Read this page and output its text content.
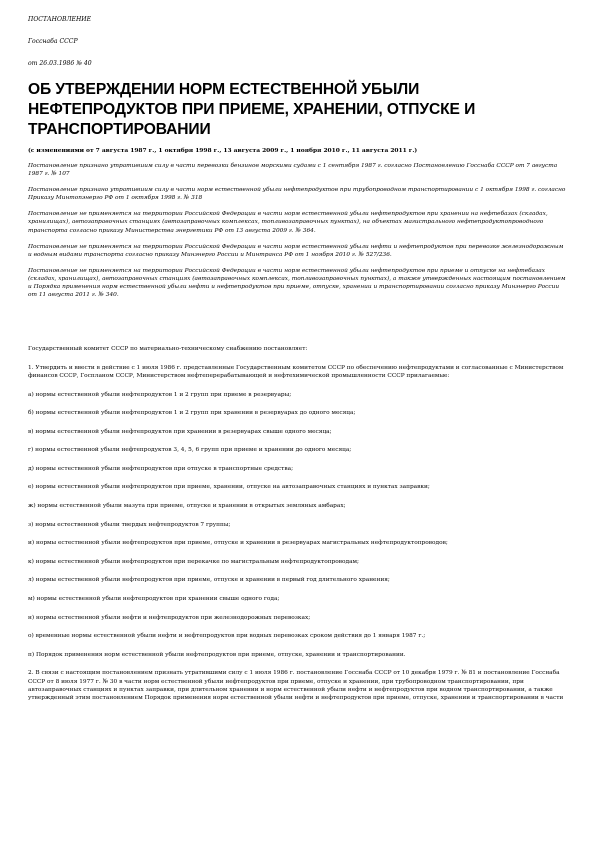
ПОСТАНОВЛЕНИЕ
Госснаба СССР
от 26.03.1986 № 40
ОБ УТВЕРЖДЕНИИ НОРМ ЕСТЕСТВЕННОЙ УБЫЛИ НЕФТЕПРОДУКТОВ ПРИ ПРИЕМЕ, ХРАНЕНИИ, ОТПУСКЕ И ТРАНСПОРТИРОВАНИИ
(с изменениями от 7 августа 1987 г., 1 октября 1998 г., 13 августа 2009 г., 1 ноября 2010 г., 11 августа 2011 г.)
Постановление признано утратившим силу в части перевозки бензинов морскими судами с 1 сентября 1987 г. согласно Постановлению Госснаба СССР от 7 августа 1987 г. № 107
Постановление признано утратившим силу в части норм естественной убыли нефтепродуктов при трубопроводном транспортировании с 1 октября 1998 г. согласно Приказу Минтопэнерго РФ от 1 октября 1998 г. № 318
Постановление не применяется на территории Российской Федерации в части норм естественной убыли нефтепродуктов при хранении на нефтебазах (складах, хранилищах), автозаправочных станциях (автозаправочных комплексах, топливозаправочных пунктах), на объектах магистрального нефтепродуктопроводного транспорта согласно приказу Министерства энергетики РФ от 13 августа 2009 г. № 364.
Постановление не применяется на территории Российской Федерации в части норм естественной убыли нефти и нефтепродуктов при перевозке железнодорожным и водным видами транспорта согласно приказу Минэнерго России и Минтранса РФ от 1 ноября 2010 г. № 527/236.
Постановление не применяется на территории Российской Федерации в части норм естественной убыли нефтепродуктов при приеме и отпуске на нефтебазах (складах, хранилищах), автозаправочных станциях (автозаправочных комплексах, топливозаправочных пунктах), а также утвержденных настоящим постановлением и Порядка применения норм естественной убыли нефти и нефтепродуктов при приеме, отпуске, хранении и транспортировании согласно приказу Минэнерго России от 11 августа 2011 г. № 340.
Государственный комитет СССР по материально-техническому снабжению постановляет:
1. Утвердить и ввести в действие с 1 июля 1986 г. представленные Государственным комитетом СССР по обеспечению нефтепродуктами и согласованные с Министерством финансов СССР, Госпланом СССР, Министерством нефтеперерабатывающей и нефтехимической промышленности СССР прилагаемые:
а) нормы естественной убыли нефтепродуктов 1 и 2 групп при приеме в резервуары;
б) нормы естественной убыли нефтепродуктов 1 и 2 групп при хранении в резервуарах до одного месяца;
в) нормы естественной убыли нефтепродуктов при хранении в резервуарах свыше одного месяца;
г) нормы естественной убыли нефтепродуктов 3, 4, 5, 6 групп при приеме и хранении до одного месяца;
д) нормы естественной убыли нефтепродуктов при отпуске в транспортные средства;
е) нормы естественной убыли нефтепродуктов при приеме, хранении, отпуске на автозаправочных станциях и пунктах заправки;
ж) нормы естественной убыли мазута при приеме, отпуске и хранении в открытых земляных амбарах;
з) нормы естественной убыли твердых нефтепродуктов 7 группы;
и) нормы естественной убыли нефтепродуктов при приеме, отпуске и хранении в резервуарах магистральных нефтепродуктопроводов;
к) нормы естественной убыли нефтепродуктов при перекачке по магистральным нефтепродуктопроводам;
л) нормы естественной убыли нефтепродуктов при приеме, отпуске и хранении в первый год длительного хранения;
м) нормы естественной убыли нефтепродуктов при хранении свыше одного года;
н) нормы естественной убыли нефти и нефтепродуктов при железнодорожных перевозках;
о) временные нормы естественной убыли нефти и нефтепродуктов при водных перевозках сроком действия до 1 января 1987 г.;
п) Порядок применения норм естественной убыли нефтепродуктов при приеме, отпуске, хранении и транспортировании.
2. В связи с настоящим постановлением признать утратившими силу с 1 июля 1986 г. постановление Госснаба СССР от 10 декабря 1979 г. № 81 и постановление Госснаба СССР от 8 июля 1977 г. № 30 в части норм естественной убыли нефтепродуктов при приеме, отпуске и хранении, при трубопроводном транспортировании, при автозаправочных станциях и пунктах заправки, при длительном хранении и норм естественной убыли нефти и нефтепродуктов при водном транспортировании, а также утвержденный этим постановлением Порядок применения норм естественной убыли нефти и нефтепродуктов при приеме, отпуске, хранении и транспортировании в части
